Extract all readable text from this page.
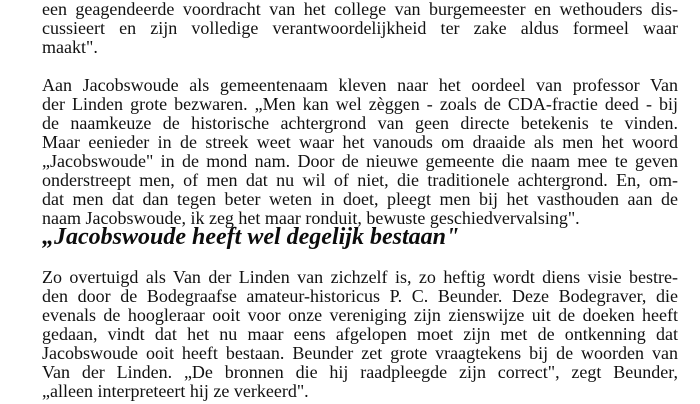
een geagendeerde voordracht van het college van burgemeester en wethouders dis-
cussieert en zijn volledige verantwoordelijkheid ter zake aldus formeel waar
maakt".

Aan Jacobswoude als gemeentenaam kleven naar het oordeel van professor Van
der Linden grote bezwaren. „Men kan wel zèggen - zoals de CDA-fractie deed - bij
de naamkeuze de historische achtergrond van geen directe betekenis te vinden.
Maar eenieder in de streek weet waar het vanouds om draaide als men het woord
„Jacobswoude" in de mond nam. Door de nieuwe gemeente die naam mee te geven
onderstreept men, of men dat nu wil of niet, die traditionele achtergrond. En, om-
dat men dat dan tegen beter weten in doet, pleegt men bij het vasthouden aan de
naam Jacobswoude, ik zeg het maar ronduit, bewuste geschiedvervalsing".

„Jacobswoude heeft wel degelijk bestaan"

Zo overtuigd als Van der Linden van zichzelf is, zo heftig wordt diens visie bestre-
den door de Bodegraafse amateur-historicus P. C. Beunder. Deze Bodegraver, die
evenals de hoogleraar ooit voor onze vereniging zijn zienswijze uit de doeken heeft
gedaan, vindt dat het nu maar eens afgelopen moet zijn met de ontkenning dat
Jacobswoude ooit heeft bestaan. Beunder zet grote vraagtekens bij de woorden van
Van der Linden. „De bronnen die hij raadpleegde zijn correct", zegt Beunder,
„alleen interpreteert hij ze verkeerd".
